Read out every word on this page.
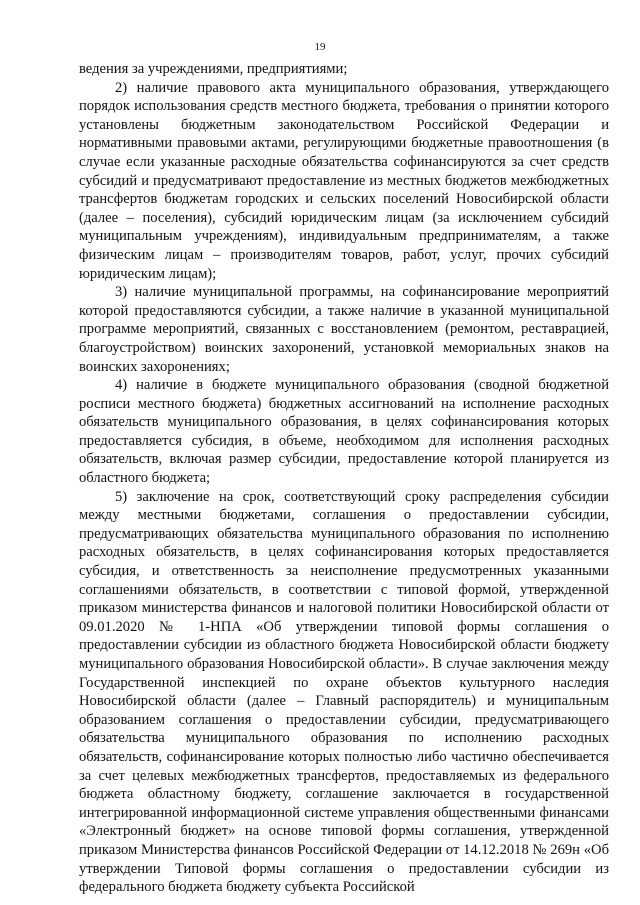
19

ведения за учреждениями, предприятиями;

2) наличие правового акта муниципального образования, утверждающего порядок использования средств местного бюджета, требования о принятии которого установлены бюджетным законодательством Российской Федерации и нормативными правовыми актами, регулирующими бюджетные правоотношения (в случае если указанные расходные обязательства софинансируются за счет средств субсидий и предусматривают предоставление из местных бюджетов межбюджетных трансфертов бюджетам городских и сельских поселений Новосибирской области (далее – поселения), субсидий юридическим лицам (за исключением субсидий муниципальным учреждениям), индивидуальным предпринимателям, а также физическим лицам – производителям товаров, работ, услуг, прочих субсидий юридическим лицам);

3) наличие муниципальной программы, на софинансирование мероприятий которой предоставляются субсидии, а также наличие в указанной муниципальной программе мероприятий, связанных с восстановлением (ремонтом, реставрацией, благоустройством) воинских захоронений, установкой мемориальных знаков на воинских захоронениях;

4) наличие в бюджете муниципального образования (сводной бюджетной росписи местного бюджета) бюджетных ассигнований на исполнение расходных обязательств муниципального образования, в целях софинансирования которых предоставляется субсидия, в объеме, необходимом для исполнения расходных обязательств, включая размер субсидии, предоставление которой планируется из областного бюджета;

5) заключение на срок, соответствующий сроку распределения субсидии между местными бюджетами, соглашения о предоставлении субсидии, предусматривающих обязательства муниципального образования по исполнению расходных обязательств, в целях софинансирования которых предоставляется субсидия, и ответственность за неисполнение предусмотренных указанными соглашениями обязательств, в соответствии с типовой формой, утвержденной приказом министерства финансов и налоговой политики Новосибирской области от 09.01.2020 № 1-НПА «Об утверждении типовой формы соглашения о предоставлении субсидии из областного бюджета Новосибирской области бюджету муниципального образования Новосибирской области». В случае заключения между Государственной инспекцией по охране объектов культурного наследия Новосибирской области (далее – Главный распорядитель) и муниципальным образованием соглашения о предоставлении субсидии, предусматривающего обязательства муниципального образования по исполнению расходных обязательств, софинансирование которых полностью либо частично обеспечивается за счет целевых межбюджетных трансфертов, предоставляемых из федерального бюджета областному бюджету, соглашение заключается в государственной интегрированной информационной системе управления общественными финансами «Электронный бюджет» на основе типовой формы соглашения, утвержденной приказом Министерства финансов Российской Федерации от 14.12.2018 № 269н «Об утверждении Типовой формы соглашения о предоставлении субсидии из федерального бюджета бюджету субъекта Российской
